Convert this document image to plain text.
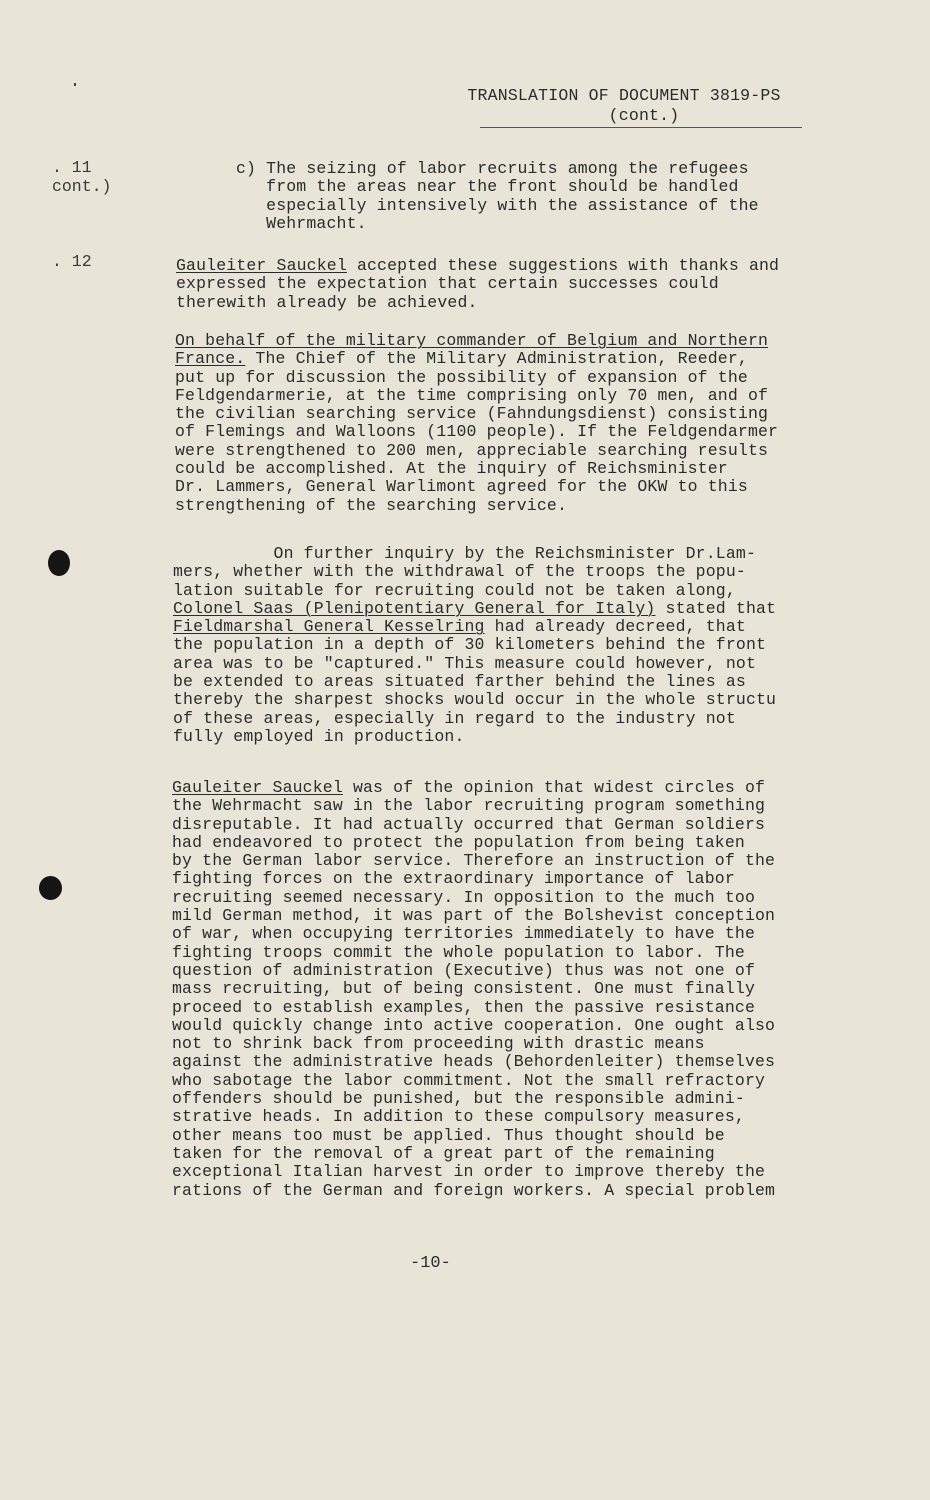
TRANSLATION OF DOCUMENT 3819-PS

(cont.)
. 11
cont.)
. 12
c) The seizing of labor recruits among the refugees
from the areas near the front should be handled
especially intensively with the assistance of the
Wehrmacht.
Gauleiter Sauckel accepted these suggestions with thanks and
expressed the expectation that certain successes could
therewith already be achieved.
On behalf of the military commander of Belgium and Northern
France. The Chief of the Military Administration, Reeder,
put up for discussion the possibility of expansion of the
Feldgendarmerie, at the time comprising only 70 men, and of
the civilian searching service (Fahndungsdienst) consisting
of Flemings and Walloons (1100 people). If the Feldgendarmer
were strengthened to 200 men, appreciable searching results
could be accomplished. At the inquiry of Reichsminister
Dr. Lammers, General Warlimont agreed for the OKW to this
strengthening of the searching service.
On further inquiry by the Reichsminister Dr.Lam-
mers, whether with the withdrawal of the troops the popu-
lation suitable for recruiting could not be taken along,
Colonel Saas (Plenipotentiary General for Italy) stated that
Fieldmarshal General Kesselring had already decreed, that
the population in a depth of 30 kilometers behind the front
area was to be "captured." This measure could however, not
be extended to areas situated farther behind the lines as
thereby the sharpest shocks would occur in the whole structu
of these areas, especially in regard to the industry not
fully employed in production.
Gauleiter Sauckel was of the opinion that widest circles of
the Wehrmacht saw in the labor recruiting program something
disreputable. It had actually occurred that German soldiers
had endeavored to protect the population from being taken
by the German labor service. Therefore an instruction of the
fighting forces on the extraordinary importance of labor
recruiting seemed necessary. In opposition to the much too
mild German method, it was part of the Bolshevist conception
of war, when occupying territories immediately to have the
fighting troops commit the whole population to labor. The
question of administration (Executive) thus was not one of
mass recruiting, but of being consistent. One must finally
proceed to establish examples, then the passive resistance
would quickly change into active cooperation. One ought also
not to shrink back from proceeding with drastic means
against the administrative heads (Behordenleiter) themselves
who sabotage the labor commitment. Not the small refractory
offenders should be punished, but the responsible admini-
strative heads. In addition to these compulsory measures,
other means too must be applied. Thus thought should be
taken for the removal of a great part of the remaining
exceptional Italian harvest in order to improve thereby the
rations of the German and foreign workers. A special problem
-10-
